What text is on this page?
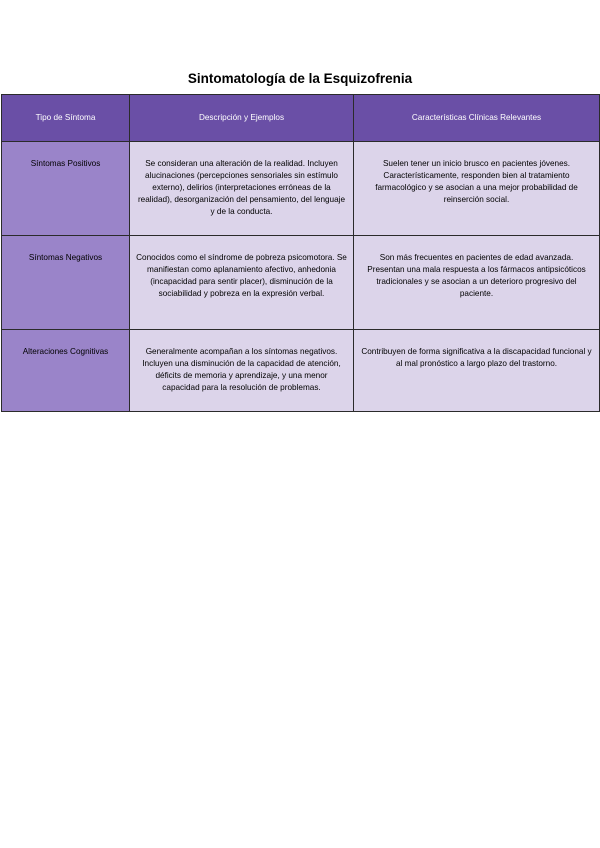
Sintomatología de la Esquizofrenia
Tipo de Síntoma	Descripción y Ejemplos	Características Clínicas Relevantes

Síntomas Positivos	Se consideran una alteración de la realidad. Incluyen alucinaciones (percepciones sensoriales sin estímulo externo), delirios (interpretaciones erróneas de la realidad), desorganización del pensamiento, del lenguaje y de la conducta.	Suelen tener un inicio brusco en pacientes jóvenes. Característicamente, responden bien al tratamiento farmacológico y se asocian a una mejor probabilidad de reinserción social.

Síntomas Negativos	Conocidos como el síndrome de pobreza psicomotora. Se manifiestan como aplanamiento afectivo, anhedonia (incapacidad para sentir placer), disminución de la sociabilidad y pobreza en la expresión verbal.	Son más frecuentes en pacientes de edad avanzada. Presentan una mala respuesta a los fármacos antipsicóticos tradicionales y se asocian a un deterioro progresivo del paciente.

Alteraciones Cognitivas	Generalmente acompañan a los síntomas negativos. Incluyen una disminución de la capacidad de atención, déficits de memoria y aprendizaje, y una menor capacidad para la resolución de problemas.	Contribuyen de forma significativa a la discapacidad funcional y al mal pronóstico a largo plazo del trastorno.
